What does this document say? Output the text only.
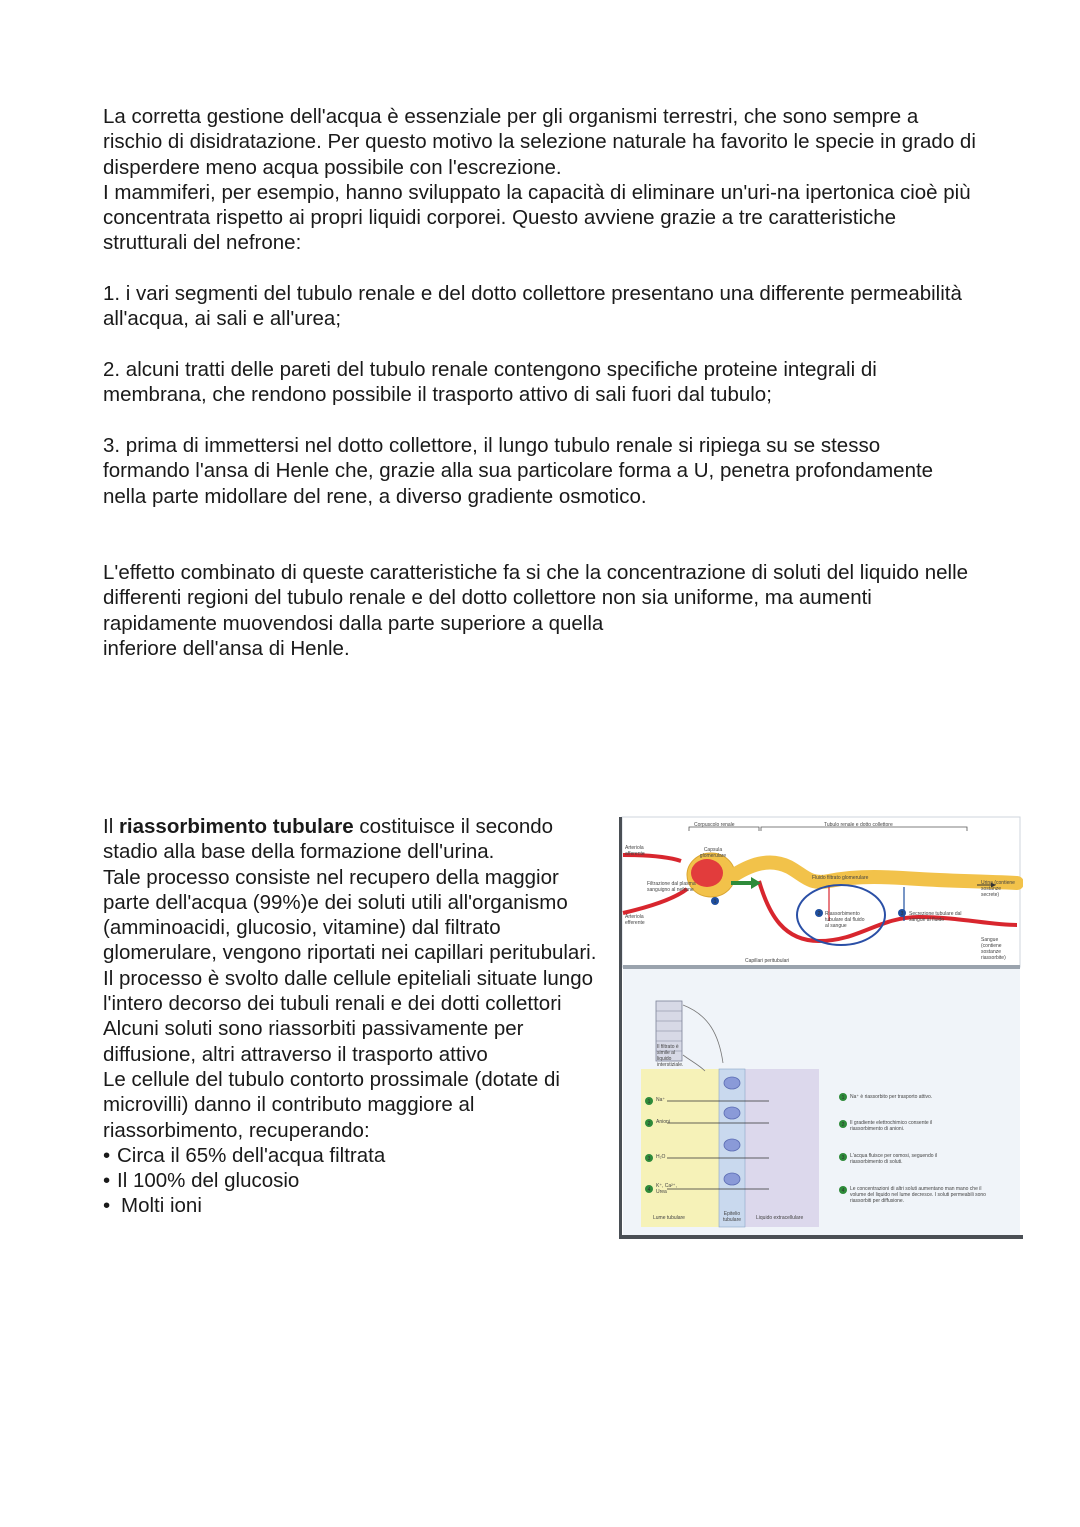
La corretta gestione dell'acqua è essenziale per gli organismi terrestri, che sono sempre a rischio di disidratazione. Per questo motivo la selezione naturale ha favorito le specie in grado di disperdere meno acqua possibile con l'escrezione.

I mammiferi, per esempio, hanno sviluppato la capacità di eliminare un'uri-na ipertonica cioè più concentrata rispetto ai propri liquidi corporei. Questo avviene grazie a tre caratteristiche strutturali del nefrone:

1. i vari segmenti del tubulo renale e del dotto collettore presentano una differente permeabilità all'acqua, ai sali e all'urea;

2. alcuni tratti delle pareti del tubulo renale contengono specifiche proteine integrali di membrana, che rendono possibile il trasporto attivo di sali fuori dal tubulo;

3. prima di immettersi nel dotto collettore, il lungo tubulo renale si ripiega su se stesso formando l'ansa di Henle che, grazie alla sua particolare forma a U, penetra profondamente nella parte midollare del rene, a diverso gradiente osmotico.

L'effetto combinato di queste caratteristiche fa si che la concentrazione di soluti del liquido nelle differenti regioni del tubulo renale e del dotto collettore non sia uniforme, ma aumenti rapidamente muovendosi dalla parte superiore a quella

inferiore dell'ansa di Henle.

Il riassorbimento tubulare costituisce il secondo stadio alla base della formazione dell'urina.

Tale processo consiste nel recupero della maggior parte dell'acqua (99%)e dei soluti utili all'organismo (amminoacidi, glucosio, vitamine) dal filtrato glomerulare, vengono riportati nei capillari peritubulari.

Il processo è svolto dalle cellule epiteliali situate lungo l'intero decorso dei tubuli renali e dei dotti collettori

Alcuni soluti sono riassorbiti passivamente per diffusione, altri attraverso il trasporto attivo

Le cellule del tubulo contorto prossimale (dotate di microvilli) danno il contributo maggiore al riassorbimento, recuperando:

• Circa il 65% dell'acqua filtrata
• Il 100% del glucosio
• Molti ioni
1
2	3
1
2
3
4
1
2
3
4
Corpuscolo renale	Tubulo renale e dotto collettore
Arteriola afferente
Arteriola efferente
Capsula glomerulare
Filtrazione dal plasma sanguigno al nefrone
Fluido filtrato glomerulare
Riassorbimento tubulare dal fluido al sangue
Secrezione tubulare dal sangue al fluido
Urina (contiene sostanze secrete)
Sangue (contiene sostanze riassorbite)
Capillari peritubulari
Il filtrato è simile al liquido interstiziale.
Na⁺
Anioni
H₂O
K⁺, Ca²⁺, Urea
Lume tubulare
Epitelio tubulare	Liquido extracellulare
Na⁺ è riassorbito per trasporto attivo.
Il gradiente elettrochimico consente il riassorbimento di anioni.
L'acqua fluisce per osmosi, seguendo il riassorbimento di soluti.
Le concentrazioni di altri soluti aumentano man mano che il volume del liquido nel lume decresce. I soluti permeabili sono riassorbiti per diffusione.
